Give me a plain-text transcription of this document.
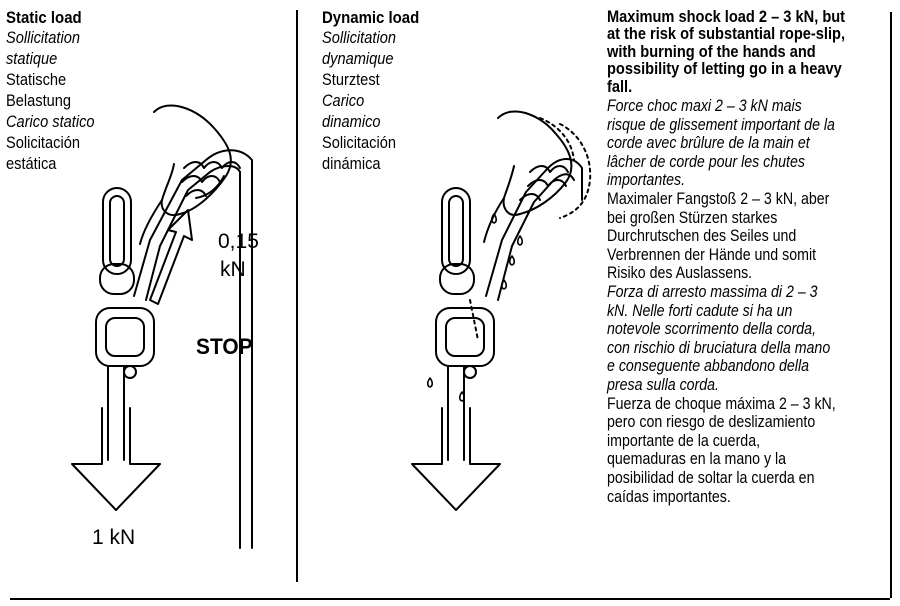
Static load
Sollicitation
statique
Statische
Belastung
Carico statico
Solicitación
estática
Dynamic load
Sollicitation
dynamique
Sturztest
Carico
dinamico
Solicitación
dinámica
Maximum shock load 2 – 3 kN, but
at the risk of substantial rope-slip,
with burning of the hands and
possibility of letting go in a heavy
fall.
Force choc maxi 2 – 3 kN mais
risque de glissement important de la
corde avec brûlure de la main et
lâcher de corde pour les chutes
importantes.
Maximaler Fangstoß 2 – 3 kN, aber
bei großen Stürzen starkes
Durchrutschen des Seiles und
Verbrennen der Hände und somit
Risiko des Auslassens.
Forza di arresto massima di 2 – 3
kN. Nelle forti cadute si ha un
notevole scorrimento della corda,
con rischio di bruciatura della mano
e conseguente abbandono della
presa sulla corda.
Fuerza de choque máxima 2 – 3 kN,
pero con riesgo de deslizamiento
importante de la cuerda,
quemaduras en la mano y la
posibilidad de soltar la cuerda en
caídas importantes.
0,15
kN
STOP
1 kN
